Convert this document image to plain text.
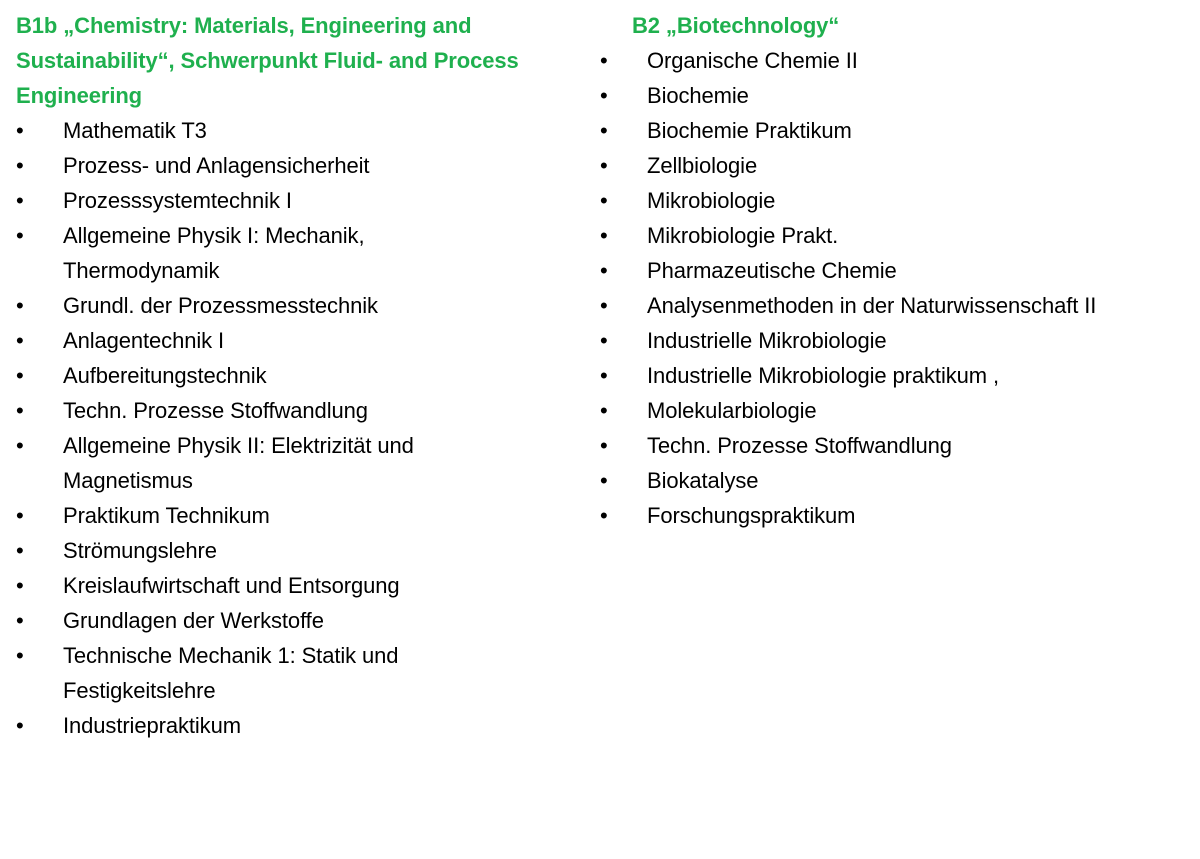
B1b „Chemistry: Materials, Engineering and Sustainability“, Schwerpunkt Fluid- and Process Engineering

•	Mathematik T3
•	Prozess- und Anlagensicherheit
•	Prozesssystemtechnik I
•	Allgemeine Physik I: Mechanik, Thermodynamik
•	Grundl. der Prozessmesstechnik
•	Anlagentechnik I
•	Aufbereitungstechnik
•	Techn. Prozesse Stoffwandlung
•	Allgemeine Physik II: Elektrizität und Magnetismus
•	Praktikum Technikum
•	Strömungslehre
•	Kreislaufwirtschaft und Entsorgung
•	Grundlagen der Werkstoffe
•	Technische Mechanik 1: Statik und Festigkeitslehre
•	Industriepraktikum

B2 „Biotechnology“

•	Organische Chemie II
•	Biochemie
•	Biochemie Praktikum
•	Zellbiologie
•	Mikrobiologie
•	Mikrobiologie Prakt.
•	Pharmazeutische Chemie
•	Analysenmethoden in der Naturwissenschaft II
•	Industrielle Mikrobiologie
•	Industrielle Mikrobiologie praktikum ,
•	Molekularbiologie
•	Techn. Prozesse Stoffwandlung
•	Biokatalyse
•	Forschungspraktikum
